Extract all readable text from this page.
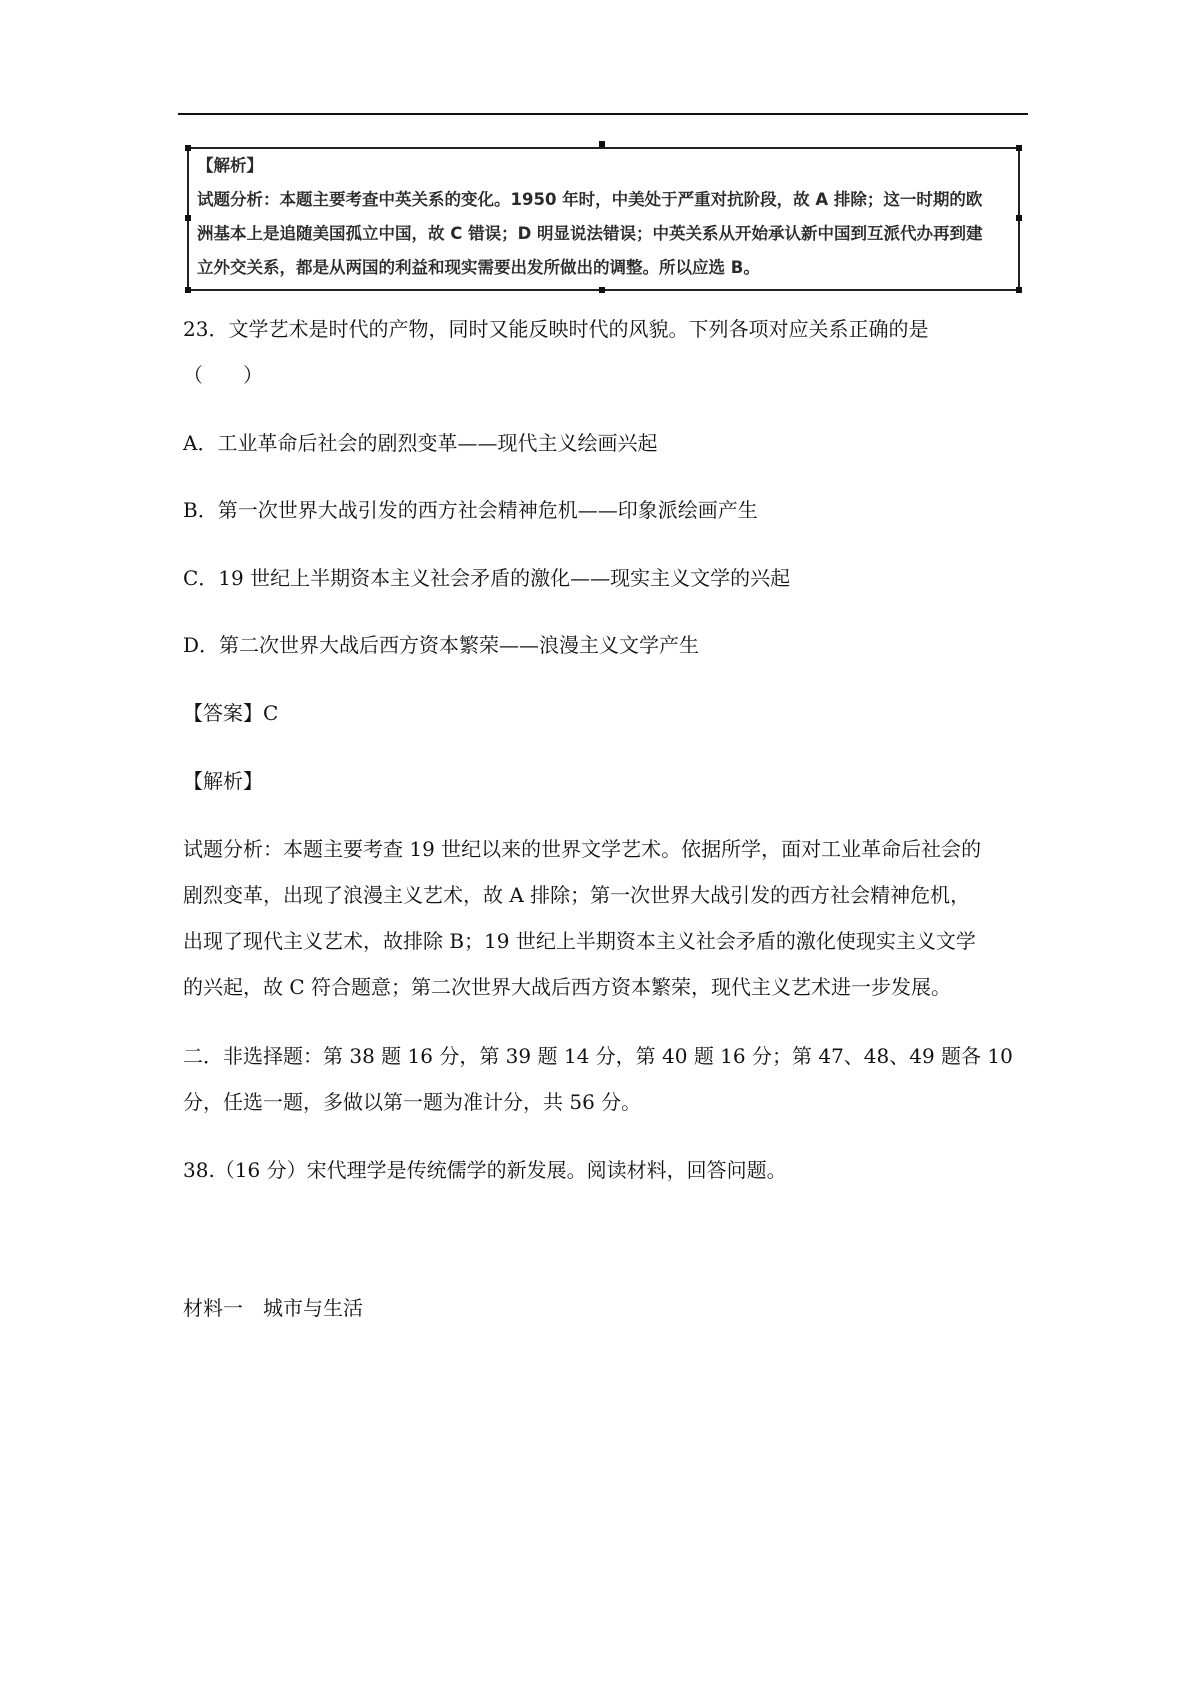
【解析】

试题分析：本题主要考查中英关系的变化。1950 年时，中美处于严重对抗阶段，故 A 排除；这一时期的欧

洲基本上是追随美国孤立中国，故 C 错误；D 明显说法错误；中英关系从开始承认新中国到互派代办再到建

立外交关系，都是从两国的利益和现实需要出发所做出的调整。所以应选 B。

23．文学艺术是时代的产物，同时又能反映时代的风貌。下列各项对应关系正确的是
（　　）
A．工业革命后社会的剧烈变革——现代主义绘画兴起
B．第一次世界大战引发的西方社会精神危机——印象派绘画产生
C．19 世纪上半期资本主义社会矛盾的激化——现实主义文学的兴起
D．第二次世界大战后西方资本繁荣——浪漫主义文学产生
【答案】C
【解析】
试题分析：本题主要考查 19 世纪以来的世界文学艺术。依据所学，面对工业革命后社会的
剧烈变革，出现了浪漫主义艺术，故 A 排除；第一次世界大战引发的西方社会精神危机，
出现了现代主义艺术，故排除 B；19 世纪上半期资本主义社会矛盾的激化使现实主义文学
的兴起，故 C 符合题意；第二次世界大战后西方资本繁荣，现代主义艺术进一步发展。
二．非选择题：第 38 题 16 分，第 39 题 14 分，第 40 题 16 分；第 47、48、49 题各 10
分，任选一题，多做以第一题为准计分，共 56 分。
38.（16 分）宋代理学是传统儒学的新发展。阅读材料，回答问题。
材料一　城市与生活
